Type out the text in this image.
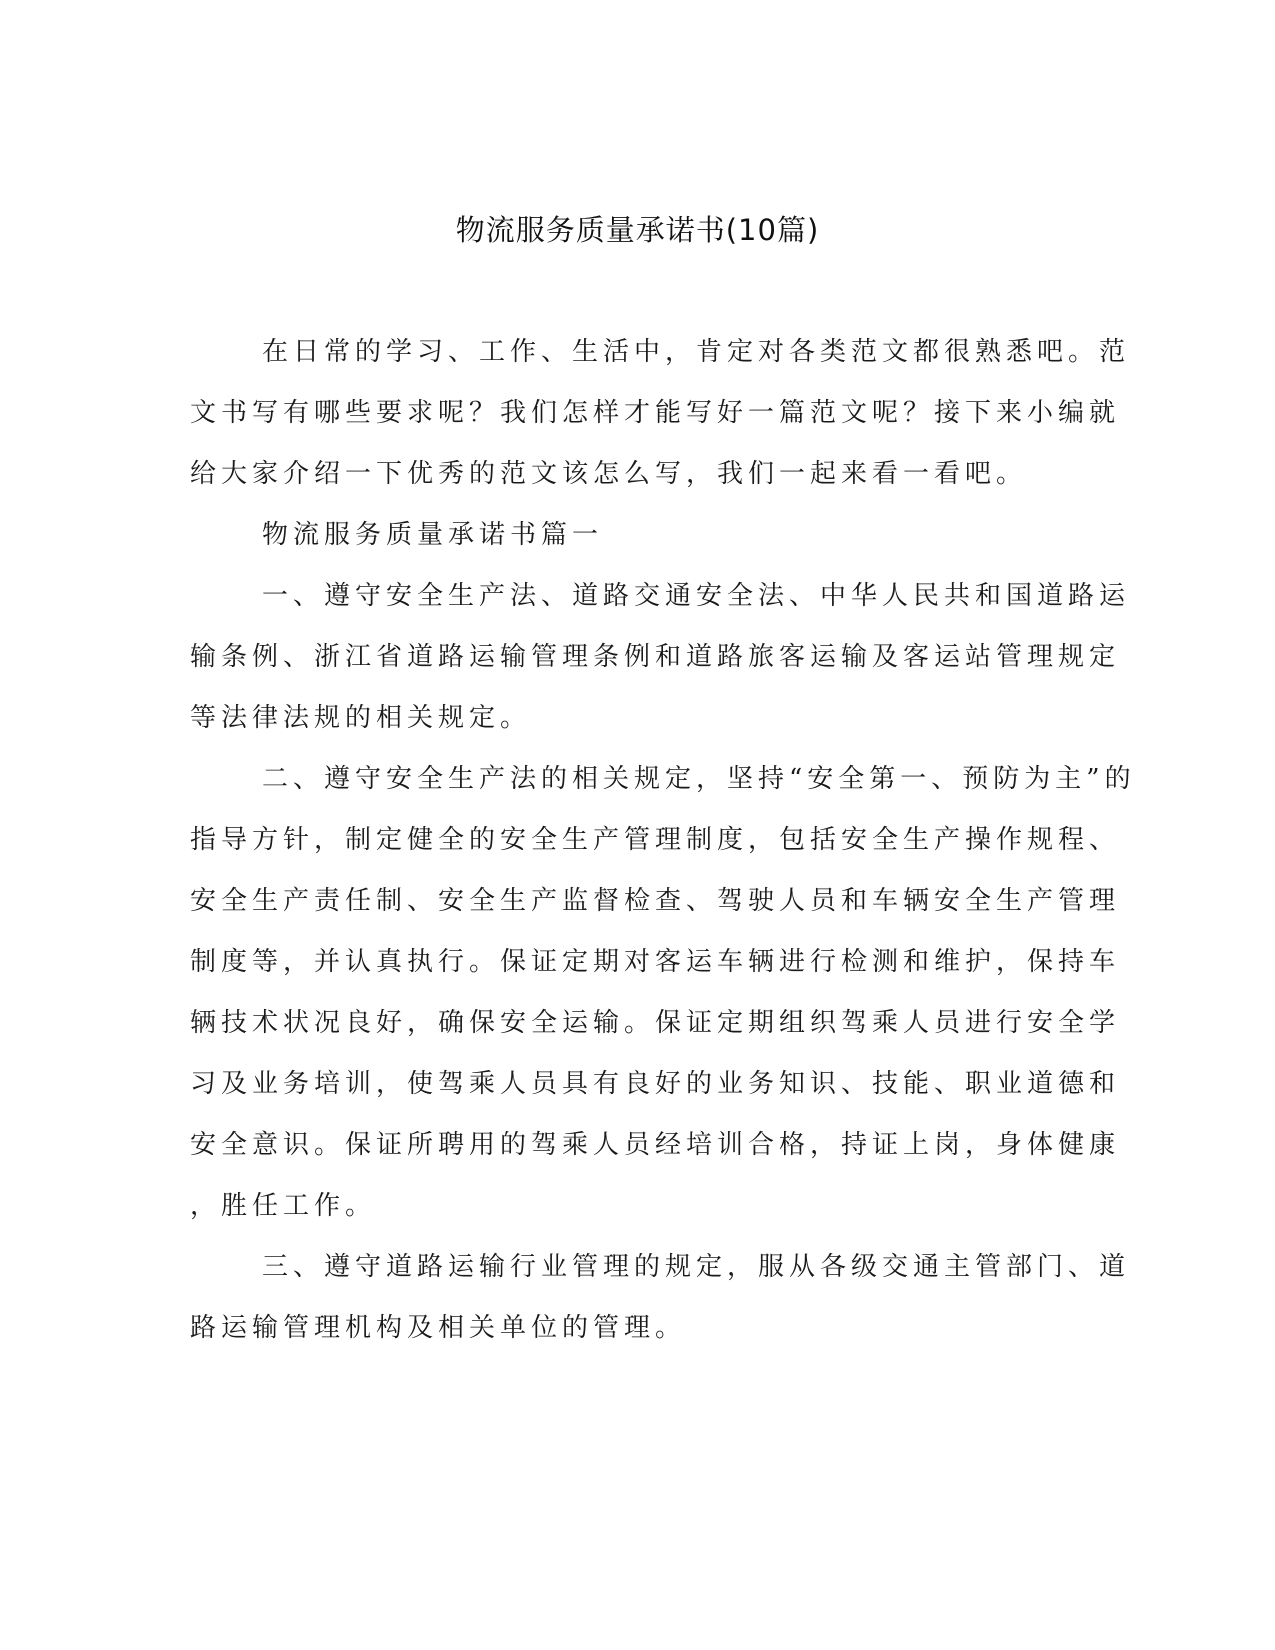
物流服务质量承诺书(10篇)

在日常的学习、工作、生活中，肯定对各类范文都很熟悉吧。范
文书写有哪些要求呢？我们怎样才能写好一篇范文呢？接下来小编就
给大家介绍一下优秀的范文该怎么写，我们一起来看一看吧。

物流服务质量承诺书篇一

一、遵守安全生产法、道路交通安全法、中华人民共和国道路运
输条例、浙江省道路运输管理条例和道路旅客运输及客运站管理规定
等法律法规的相关规定。

二、遵守安全生产法的相关规定，坚持“安全第一、预防为主”的
指导方针，制定健全的安全生产管理制度，包括安全生产操作规程、
安全生产责任制、安全生产监督检查、驾驶人员和车辆安全生产管理
制度等，并认真执行。保证定期对客运车辆进行检测和维护，保持车
辆技术状况良好，确保安全运输。保证定期组织驾乘人员进行安全学
习及业务培训，使驾乘人员具有良好的业务知识、技能、职业道德和
安全意识。保证所聘用的驾乘人员经培训合格，持证上岗，身体健康
，胜任工作。

三、遵守道路运输行业管理的规定，服从各级交通主管部门、道
路运输管理机构及相关单位的管理。
